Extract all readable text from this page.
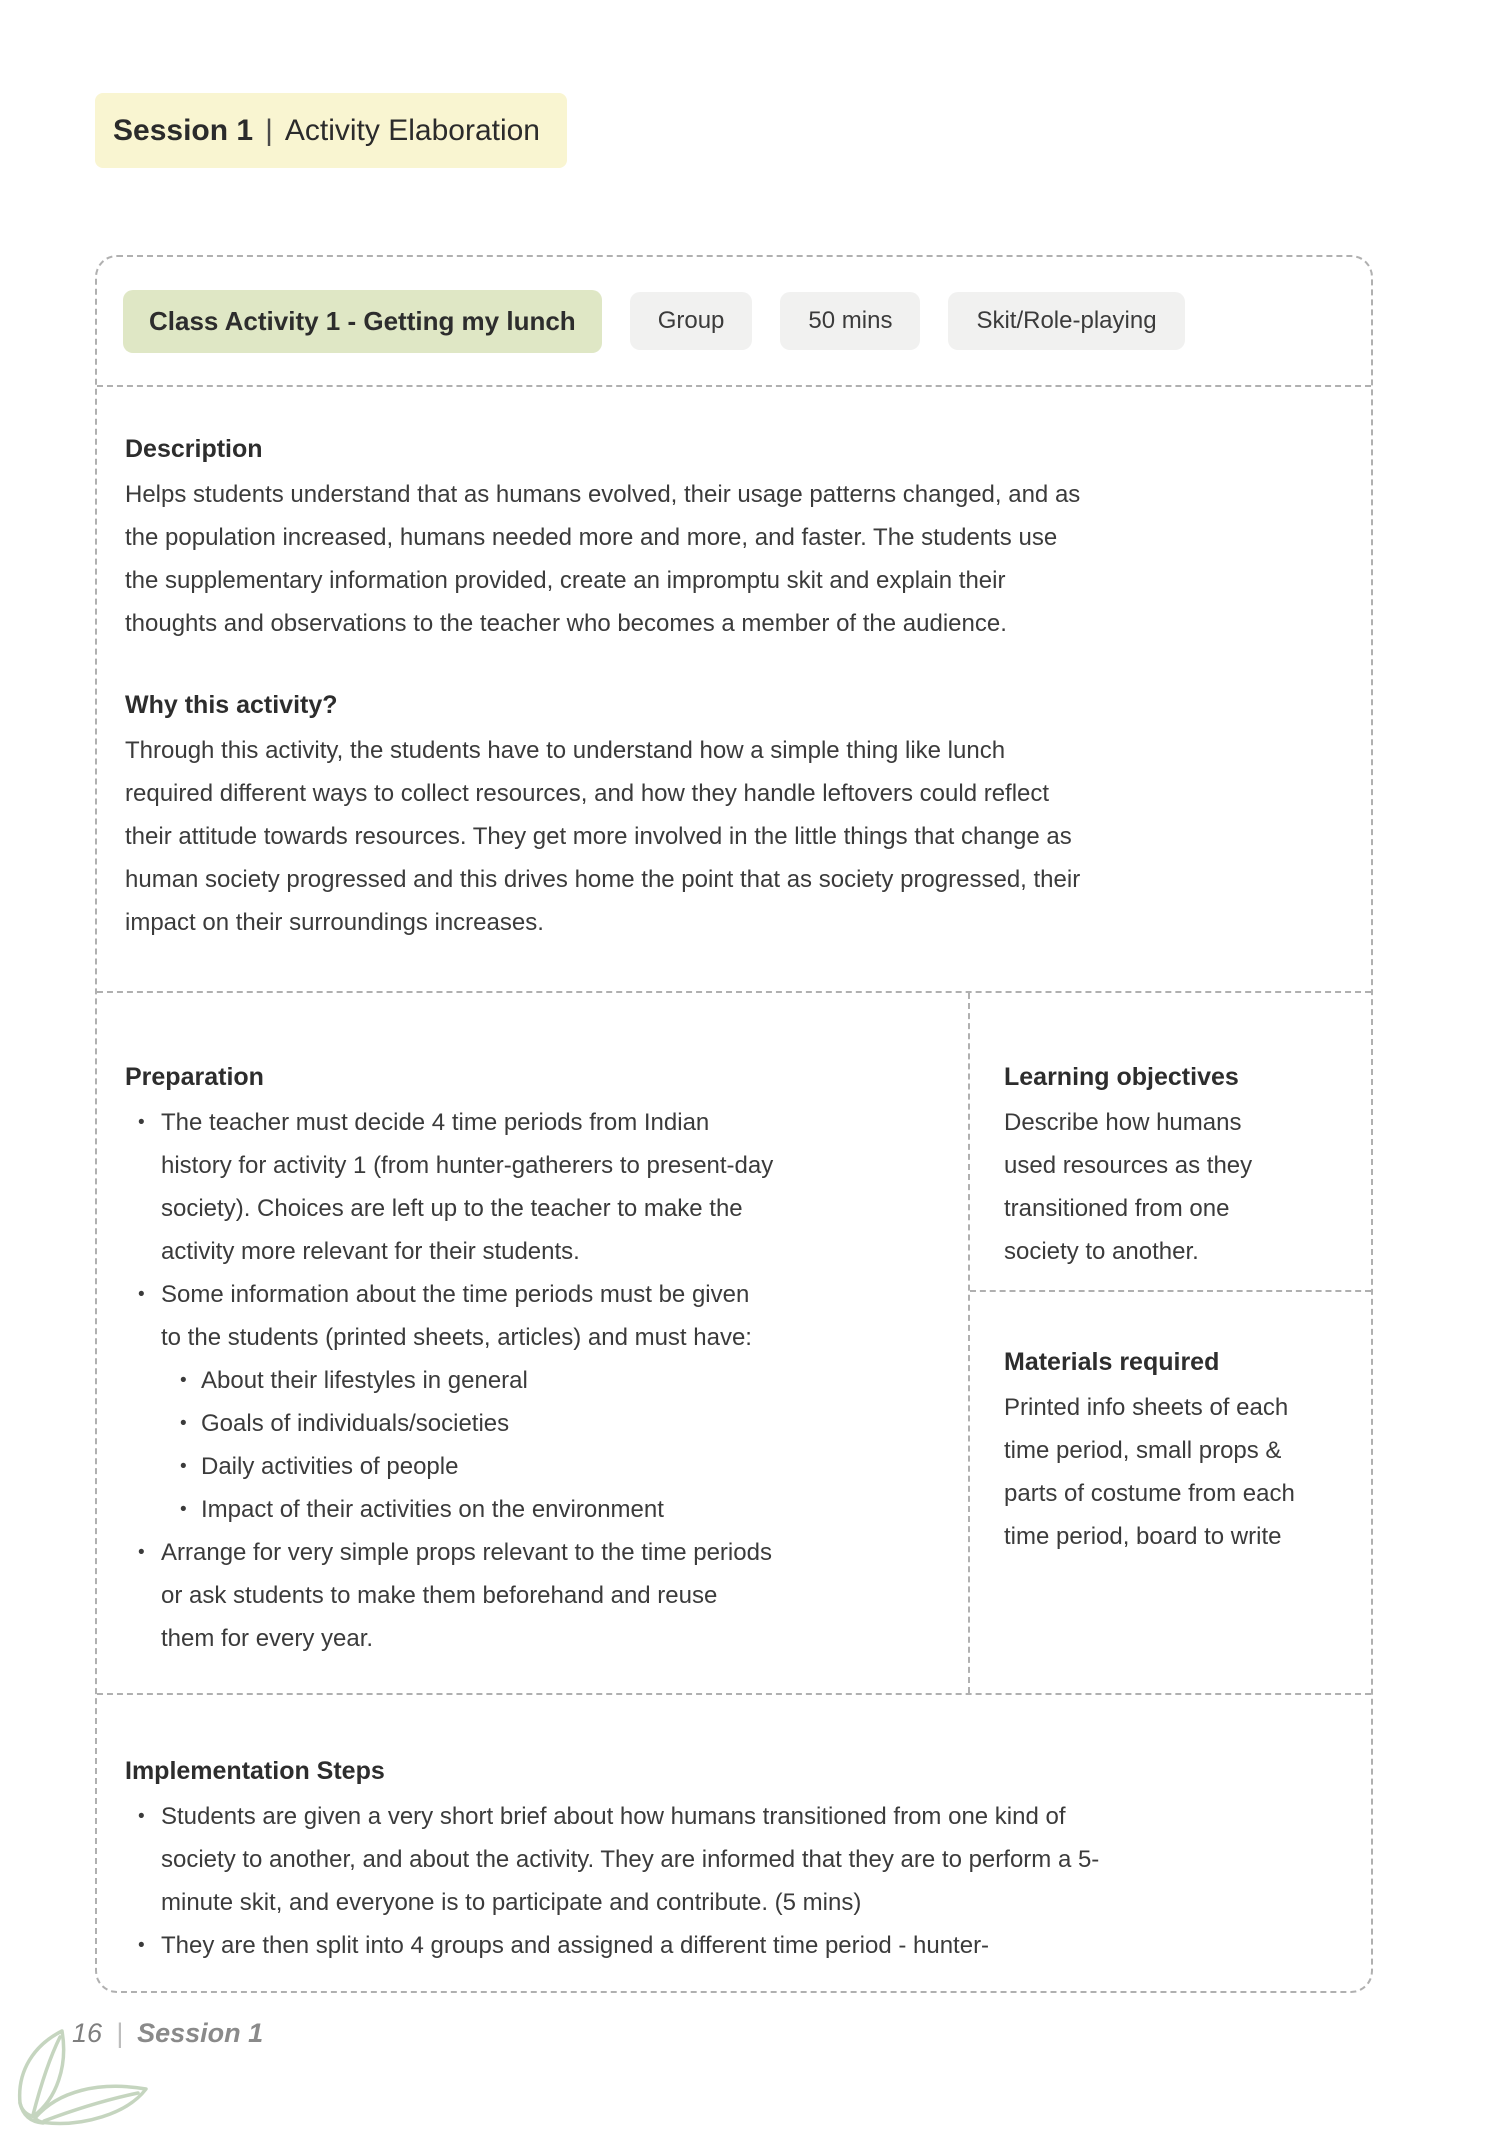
Session 1 | Activity Elaboration
Class Activity 1 - Getting my lunch	Group	50 mins	Skit/Role-playing
Description

Helps students understand that as humans evolved, their usage patterns changed, and as the population increased, humans needed more and more, and faster. The students use the supplementary information provided, create an impromptu skit and explain their thoughts and observations to the teacher who becomes a member of the audience.

Why this activity?

Through this activity, the students have to understand how a simple thing like lunch required different ways to collect resources, and how they handle leftovers could reflect their attitude towards resources. They get more involved in the little things that change as human society progressed and this drives home the point that as society progressed, their impact on their surroundings increases.

Preparation
• The teacher must decide 4 time periods from Indian history for activity 1 (from hunter-gatherers to present-day society). Choices are left up to the teacher to make the activity more relevant for their students.
• Some information about the time periods must be given to the students (printed sheets, articles) and must have:
• About their lifestyles in general
• Goals of individuals/societies
• Daily activities of people
• Impact of their activities on the environment
• Arrange for very simple props relevant to the time periods or ask students to make them beforehand and reuse them for every year.
Learning objectives

Describe how humans used resources as they transitioned from one society to another.

Materials required

Printed info sheets of each time period, small props & parts of costume from each time period, board to write

Implementation Steps
• Students are given a very short brief about how humans transitioned from one kind of society to another, and about the activity. They are informed that they are to perform a 5-minute skit, and everyone is to participate and contribute. (5 mins)
• They are then split into 4 groups and assigned a different time period - hunter-
16 | Session 1
